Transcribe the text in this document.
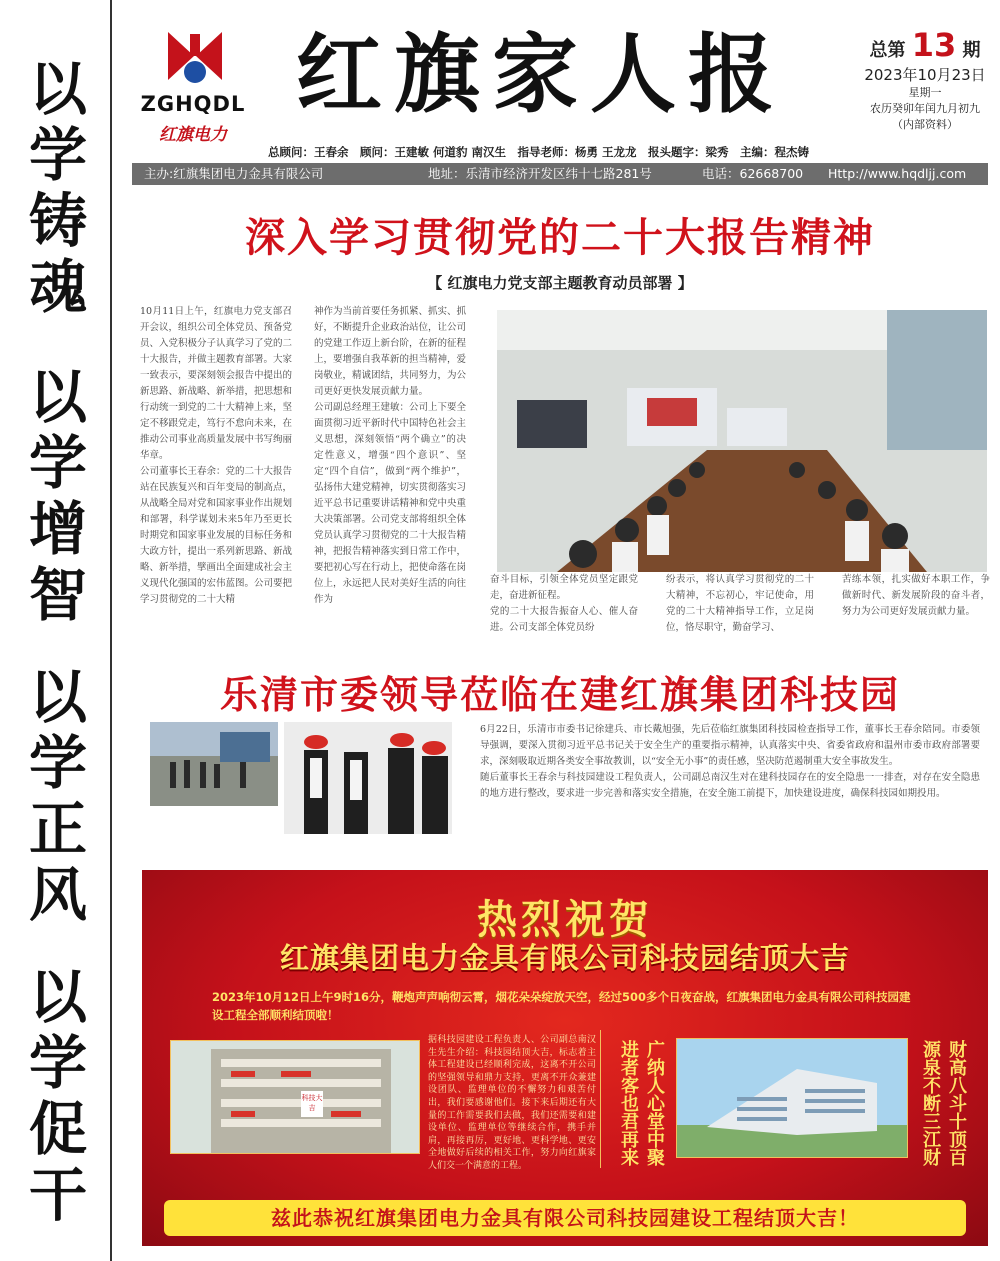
以
学
铸
魂
以
学
增
智
以
学
正
风
以
学
促
干
ZGHQDL
红旗电力
红旗家人报	总第 13 期
2023年10月23日
星期一
农历癸卯年闰九月初九
（内部资料）
总顾问：王春余　顾问：王建敏 何道豹 南汉生　指导老师：杨勇 王龙龙　报头题字：梁秀　主编：程杰铸
主办:红旗集团电力金具有限公司	地址：乐清市经济开发区纬十七路281号	电话：62668700 Http://www.hqdljj.com
深入学习贯彻党的二十大报告精神
【 红旗电力党支部主题教育动员部署 】
10月11日上午，红旗电力党支部召开会议，组织公司全体党员、预备党员、入党积极分子认真学习了党的二十大报告，并做主题教育部署。大家一致表示，要深刻领会报告中提出的新思路、新战略、新举措，把思想和行动统一到党的二十大精神上来，坚定不移跟党走，笃行不怠向未来，在推动公司事业高质量发展中书写绚丽华章。
公司董事长王春余：党的二十大报告站在民族复兴和百年变局的制高点，从战略全局对党和国家事业作出规划和部署，科学谋划未来5年乃至更长时期党和国家事业发展的目标任务和大政方针，提出一系列新思路、新战略、新举措，擘画出全面建成社会主义现代化强国的宏伟蓝图。公司要把学习贯彻党的二十大精
神作为当前首要任务抓紧、抓实、抓好，不断提升企业政治站位，让公司的党建工作迈上新台阶，在新的征程上，要增强自我革新的担当精神，爱岗敬业，精诚团结，共同努力，为公司更好更快发展贡献力量。
公司副总经理王建敏：公司上下要全面贯彻习近平新时代中国特色社会主义思想，深刻领悟“两个确立”的决定性意义，增强“四个意识”、坚定“四个自信”，做到“两个维护”，弘扬伟大建党精神，切实贯彻落实习近平总书记重要讲话精神和党中央重大决策部署。公司党支部将组织全体党员认真学习贯彻党的二十大报告精神，把报告精神落实到日常工作中，要把初心写在行动上，把使命落在岗位上，永远把人民对美好生活的向往作为
奋斗目标，引领全体党员坚定跟党走，奋进新征程。
党的二十大报告振奋人心、催人奋进。公司支部全体党员纷
纷表示，将认真学习贯彻党的二十大精神，不忘初心，牢记使命，用党的二十大精神指导工作，立足岗位，恪尽职守，勤奋学习、
苦练本领，扎实做好本职工作，争做新时代、新发展阶段的奋斗者，努力为公司更好发展贡献力量。
乐清市委领导莅临在建红旗集团科技园
6月22日，乐清市市委书记徐建兵、市长戴旭强，先后莅临红旗集团科技园检查指导工作，董事长王春余陪同。市委领导强调，要深入贯彻习近平总书记关于安全生产的重要指示精神，认真落实中央、省委省政府和温州市委市政府部署要求，深刻吸取近期各类安全事故教训，以“安全无小事”的责任感，坚决防范遏制重大安全事故发生。
随后董事长王春余与科技园建设工程负责人，公司副总南汉生对在建科技园存在的安全隐患一一排查，对存在安全隐患的地方进行整改，要求进一步完善和落实安全措施，在安全施工前提下，加快建设进度，确保科技园如期投用。
热烈祝贺
红旗集团电力金具有限公司科技园结顶大吉
2023年10月12日上午9时16分，鞭炮声声响彻云霄，烟花朵朵绽放天空，经过500多个日夜奋战，红旗集团电力金具有限公司科技园建设工程全部顺利结顶啦！
科技大吉
据科技园建设工程负责人、公司副总南汉生先生介绍：科技园结顶大吉，标志着主体工程建设已经顺利完成，这离不开公司的坚强领导和鼎力支持，更离不开众兼建设团队、监理单位的不懈努力和艰苦付出，我们要感谢他们。接下来后期还有大量的工作需要我们去做，我们还需要和建设单位、监理单位等继续合作，携手并肩，再接再厉，更好地、更科学地、更安全地做好后续的相关工作，努力向红旗家人们交一个满意的工程。	进者客也君再来 广纳人心堂中聚	财高八斗十顶百
源泉不断三江财
兹此恭祝红旗集团电力金具有限公司科技园建设工程结顶大吉！
